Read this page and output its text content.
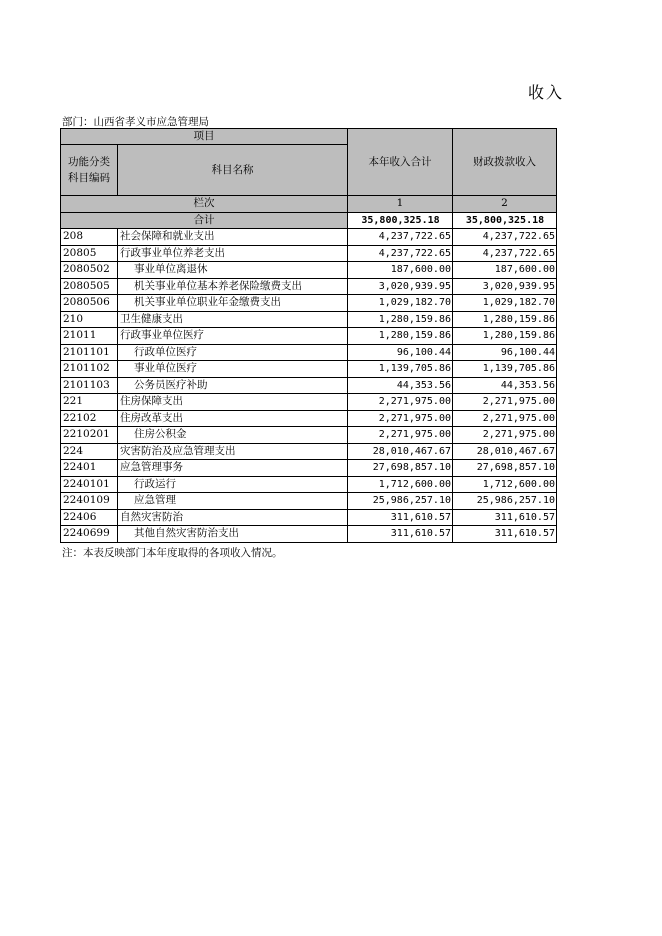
收入
部门：山西省孝义市应急管理局
项目		本年收入合计	财政拨款收入
功能分类
科目编码	科目名称		
栏次		1	2
合计		35,800,325.18	35,800,325.18
208	社会保障和就业支出	4,237,722.65	4,237,722.65
20805	行政事业单位养老支出	4,237,722.65	4,237,722.65
2080502	事业单位离退休	187,600.00	187,600.00
2080505	机关事业单位基本养老保险缴费支出	3,020,939.95	3,020,939.95
2080506	机关事业单位职业年金缴费支出	1,029,182.70	1,029,182.70
210	卫生健康支出	1,280,159.86	1,280,159.86
21011	行政事业单位医疗	1,280,159.86	1,280,159.86
2101101	行政单位医疗	96,100.44	96,100.44
2101102	事业单位医疗	1,139,705.86	1,139,705.86
2101103	公务员医疗补助	44,353.56	44,353.56
221	住房保障支出	2,271,975.00	2,271,975.00
22102	住房改革支出	2,271,975.00	2,271,975.00
2210201	住房公积金	2,271,975.00	2,271,975.00
224	灾害防治及应急管理支出	28,010,467.67	28,010,467.67
22401	应急管理事务	27,698,857.10	27,698,857.10
2240101	行政运行	1,712,600.00	1,712,600.00
2240109	应急管理	25,986,257.10	25,986,257.10
22406	自然灾害防治	311,610.57	311,610.57
2240699	其他自然灾害防治支出	311,610.57	311,610.57
注：本表反映部门本年度取得的各项收入情况。
